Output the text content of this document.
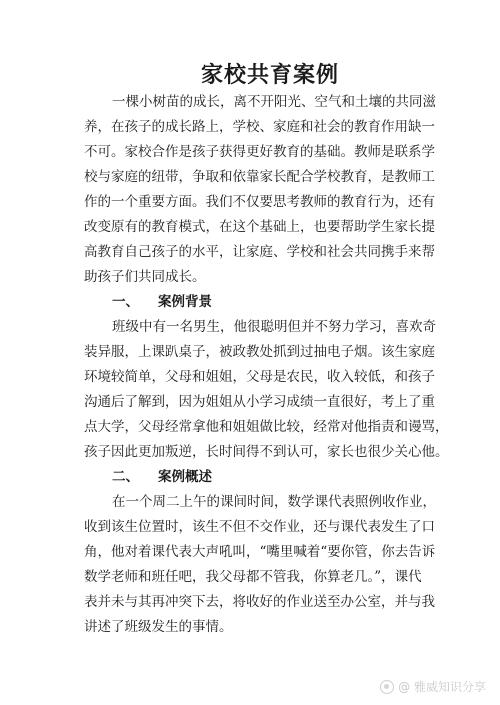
家校共育案例
一棵小树苗的成长，离不开阳光、空气和土壤的共同滋
养，在孩子的成长路上，学校、家庭和社会的教育作用缺一
不可。家校合作是孩子获得更好教育的基础。教师是联系学
校与家庭的纽带，争取和依靠家长配合学校教育，是教师工
作的一个重要方面。我们不仅要思考教师的教育行为，还有
改变原有的教育模式，在这个基础上，也要帮助学生家长提
高教育自己孩子的水平，让家庭、学校和社会共同携手来帮
助孩子们共同成长。
一、 案例背景
班级中有一名男生，他很聪明但并不努力学习，喜欢奇
装异服，上课趴桌子，被政教处抓到过抽电子烟。该生家庭
环境较简单，父母和姐姐，父母是农民，收入较低，和孩子
沟通后了解到，因为姐姐从小学习成绩一直很好，考上了重
点大学，父母经常拿他和姐姐做比较，经常对他指责和谩骂，
孩子因此更加叛逆，长时间得不到认可，家长也很少关心他。
二、 案例概述
在一个周二上午的课间时间，数学课代表照例收作业，
收到该生位置时，该生不但不交作业，还与课代表发生了口
角，他对着课代表大声吼叫，“嘴里喊着“要你管，你去告诉
数学老师和班任吧，我父母都不管我，你算老几。”，课代
表并未与其再冲突下去，将收好的作业送至办公室，并与我
讲述了班级发生的事情。
@ 雅威知识分享
